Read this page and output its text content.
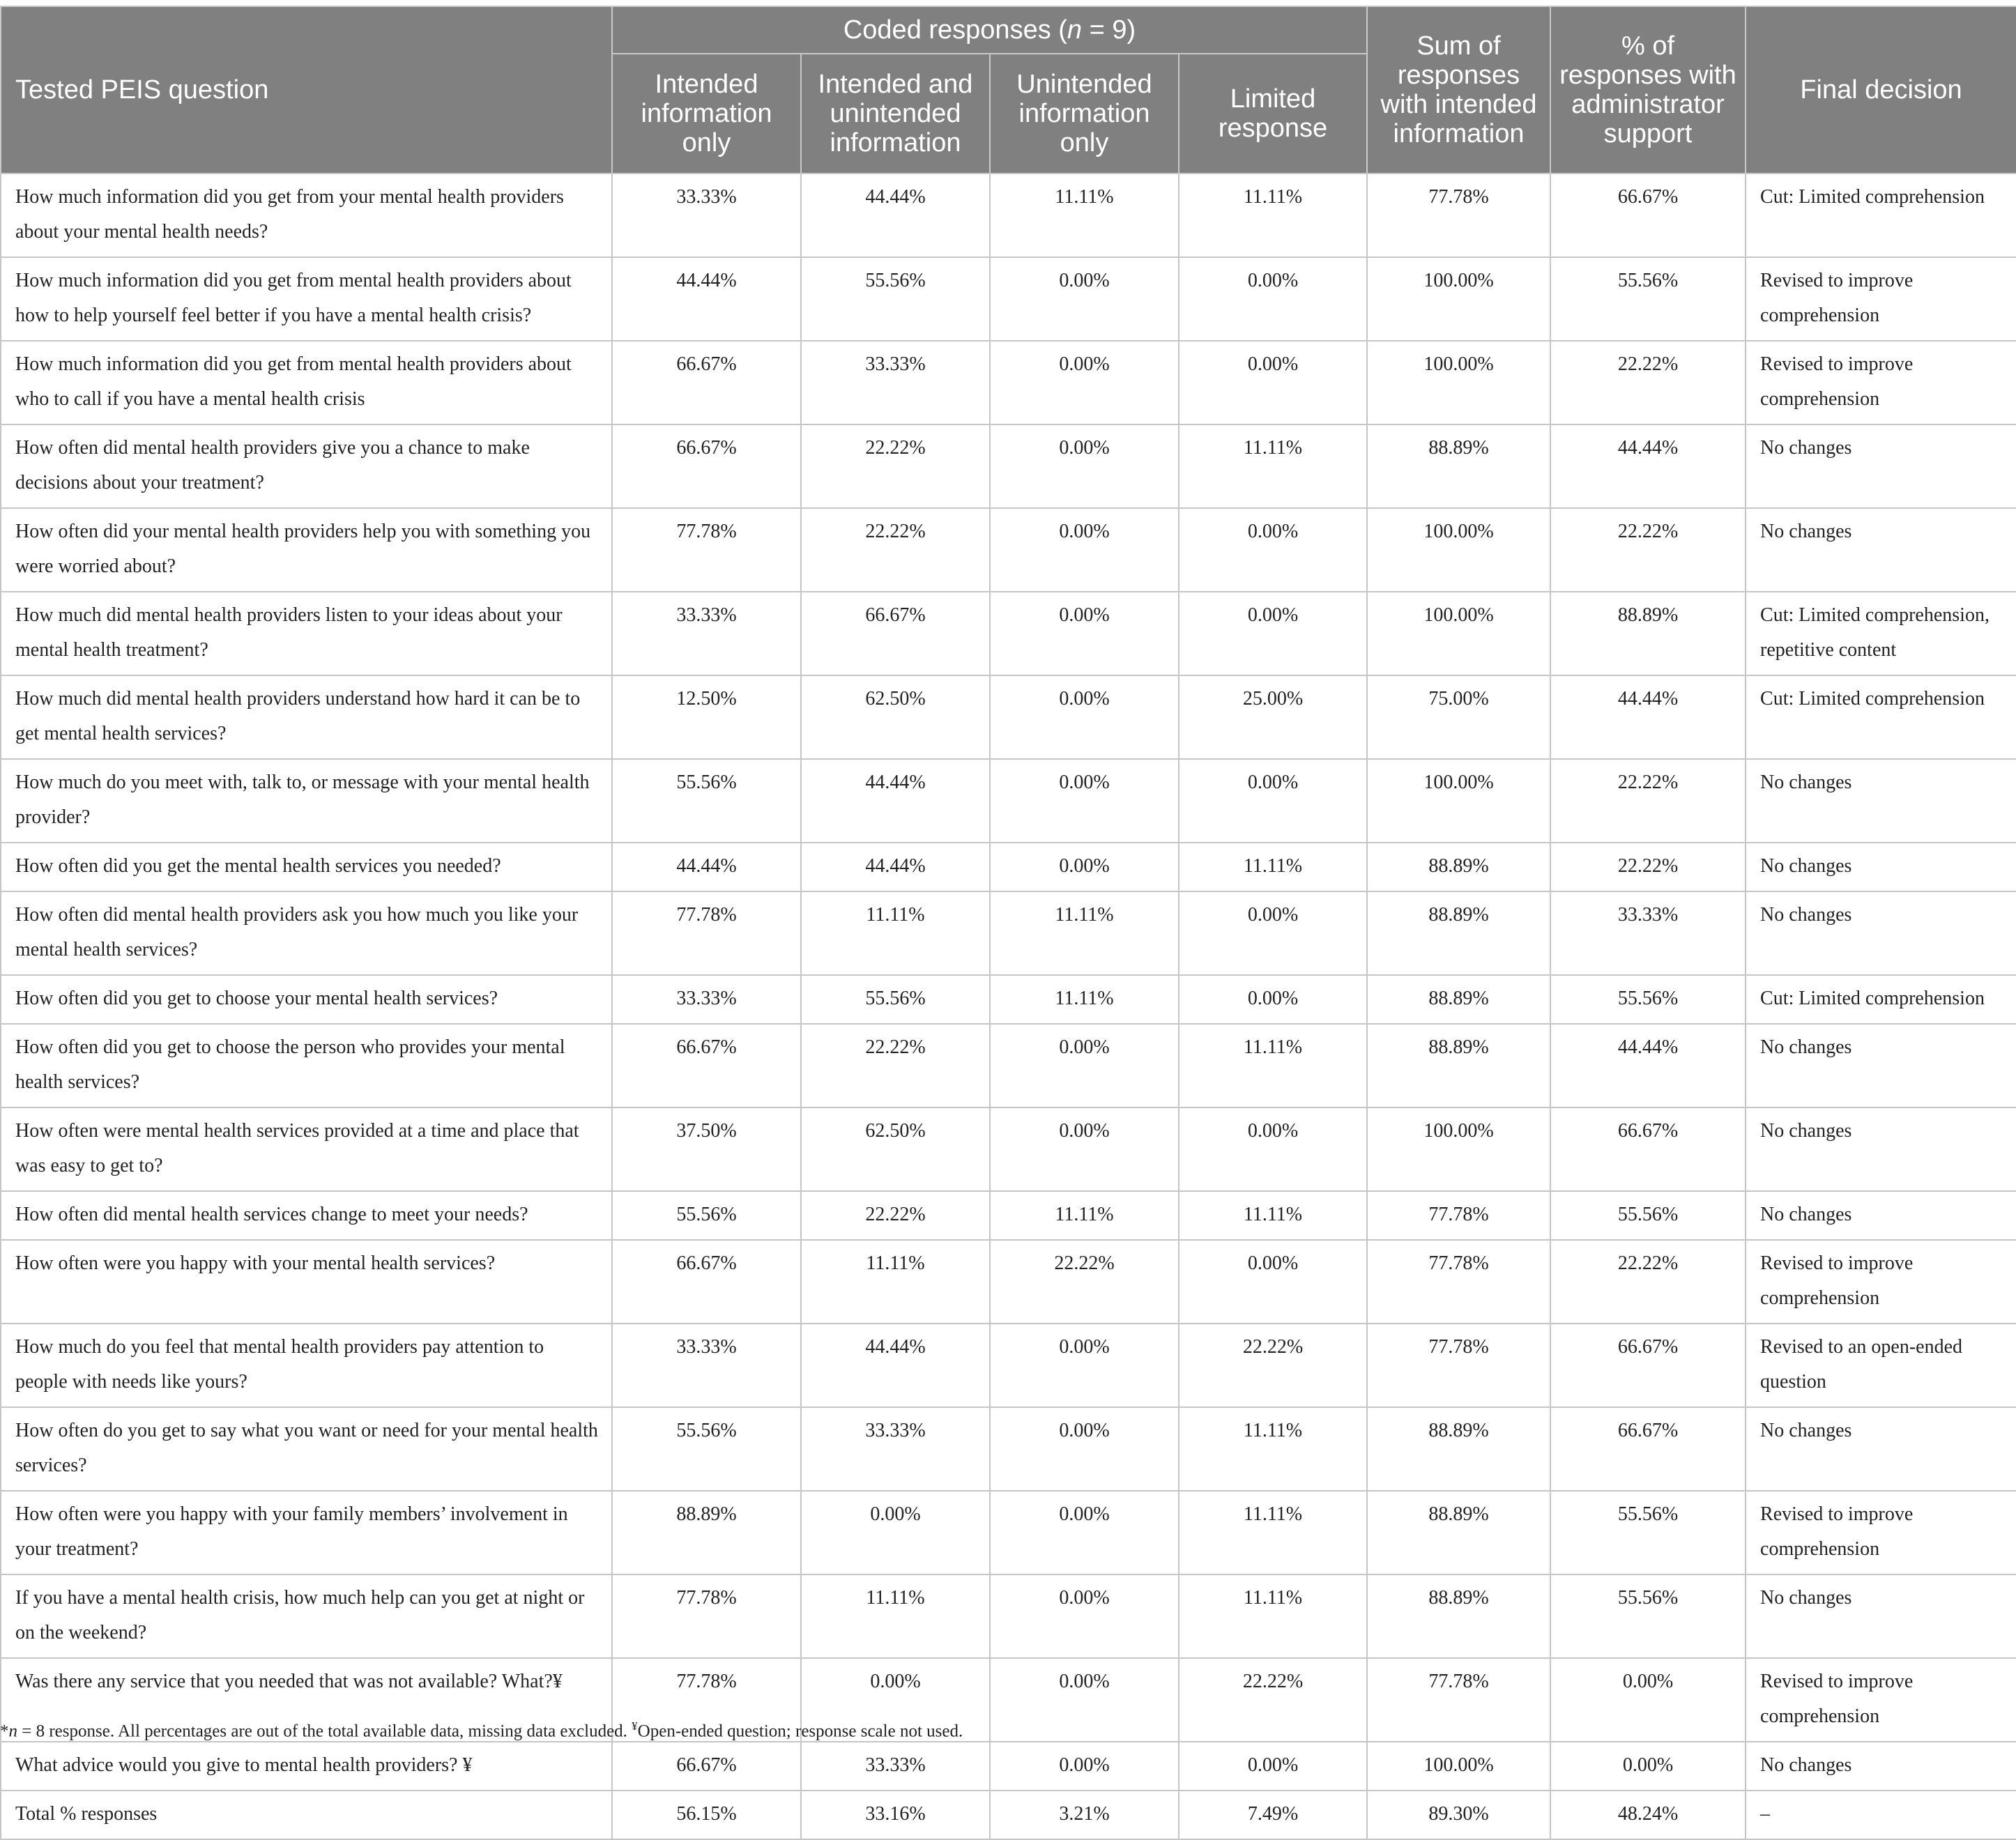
Tested PEIS question	Coded responses (n = 9)				Sum of responses with intended information	% of responses with administrator support	Final decision
	Intended information only	Intended and unintended information	Unintended information only	Limited response			
How much information did you get from your mental health providers about your mental health needs?	33.33%	44.44%	11.11%	11.11%	77.78%	66.67%	Cut: Limited comprehension
How much information did you get from mental health providers about how to help yourself feel better if you have a mental health crisis?	44.44%	55.56%	0.00%	0.00%	100.00%	55.56%	Revised to improve comprehension
How much information did you get from mental health providers about who to call if you have a mental health crisis	66.67%	33.33%	0.00%	0.00%	100.00%	22.22%	Revised to improve comprehension
How often did mental health providers give you a chance to make decisions about your treatment?	66.67%	22.22%	0.00%	11.11%	88.89%	44.44%	No changes
How often did your mental health providers help you with something you were worried about?	77.78%	22.22%	0.00%	0.00%	100.00%	22.22%	No changes
How much did mental health providers listen to your ideas about your mental health treatment?	33.33%	66.67%	0.00%	0.00%	100.00%	88.89%	Cut: Limited comprehension, repetitive content
How much did mental health providers understand how hard it can be to get mental health services?	12.50%	62.50%	0.00%	25.00%	75.00%	44.44%	Cut: Limited comprehension
How much do you meet with, talk to, or message with your mental health provider?	55.56%	44.44%	0.00%	0.00%	100.00%	22.22%	No changes
How often did you get the mental health services you needed?	44.44%	44.44%	0.00%	11.11%	88.89%	22.22%	No changes
How often did mental health providers ask you how much you like your mental health services?	77.78%	11.11%	11.11%	0.00%	88.89%	33.33%	No changes
How often did you get to choose your mental health services?	33.33%	55.56%	11.11%	0.00%	88.89%	55.56%	Cut: Limited comprehension
How often did you get to choose the person who provides your mental health services?	66.67%	22.22%	0.00%	11.11%	88.89%	44.44%	No changes
How often were mental health services provided at a time and place that was easy to get to?	37.50%	62.50%	0.00%	0.00%	100.00%	66.67%	No changes
How often did mental health services change to meet your needs?	55.56%	22.22%	11.11%	11.11%	77.78%	55.56%	No changes
How often were you happy with your mental health services?	66.67%	11.11%	22.22%	0.00%	77.78%	22.22%	Revised to improve comprehension
How much do you feel that mental health providers pay attention to people with needs like yours?	33.33%	44.44%	0.00%	22.22%	77.78%	66.67%	Revised to an open-ended question
How often do you get to say what you want or need for your mental health services?	55.56%	33.33%	0.00%	11.11%	88.89%	66.67%	No changes
How often were you happy with your family members’ involvement in your treatment?	88.89%	0.00%	0.00%	11.11%	88.89%	55.56%	Revised to improve comprehension
If you have a mental health crisis, how much help can you get at night or on the weekend?	77.78%	11.11%	0.00%	11.11%	88.89%	55.56%	No changes
Was there any service that you needed that was not available? What?¥	77.78%	0.00%	0.00%	22.22%	77.78%	0.00%	Revised to improve comprehension
What advice would you give to mental health providers? ¥	66.67%	33.33%	0.00%	0.00%	100.00%	0.00%	No changes
Total % responses	56.15%	33.16%	3.21%	7.49%	89.30%	48.24%	–
*n = 8 response. All percentages are out of the total available data, missing data excluded. ¥Open-ended question; response scale not used.
